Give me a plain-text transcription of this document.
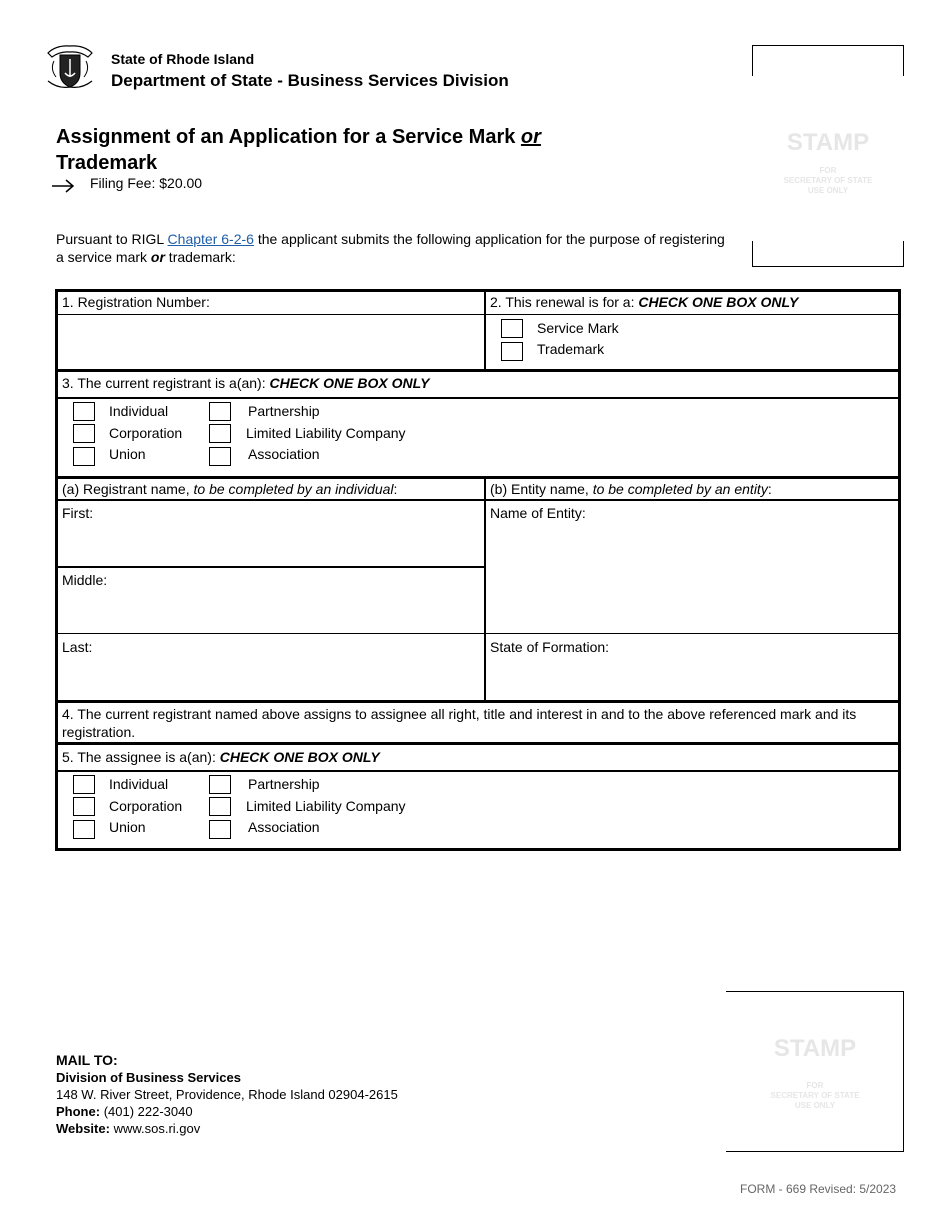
State of Rhode Island
Department of State - Business Services Division
Assignment of an Application for a Service Mark or
Trademark
Filing Fee: $20.00
Pursuant to RIGL Chapter 6-2-6 the applicant submits the following application for the purpose of registering a service mark or trademark:
STAMP
FOR
SECRETARY OF STATE
USE ONLY
1. Registration Number:	2. This renewal is for a: CHECK ONE BOX ONLY
Service Mark
Trademark
3. The current registrant is a(an): CHECK ONE BOX ONLY
Individual
Corporation
Union
Partnership
Limited Liability Company
Association
(a) Registrant name, to be completed by an individual:	(b) Entity name, to be completed by an entity:
First:
Middle:
Last:
Name of Entity:
State of Formation:
4. The current registrant named above assigns to assignee all right, title and interest in and to the above referenced mark and its registration.
5. The assignee is a(an): CHECK ONE BOX ONLY
Individual
Corporation
Union
Partnership
Limited Liability Company
Association
MAIL TO:
Division of Business Services
148 W. River Street, Providence, Rhode Island 02904-2615
Phone: (401) 222-3040
Website: www.sos.ri.gov
STAMP
FOR
SECRETARY OF STATE
USE ONLY
FORM - 669 Revised: 5/2023
